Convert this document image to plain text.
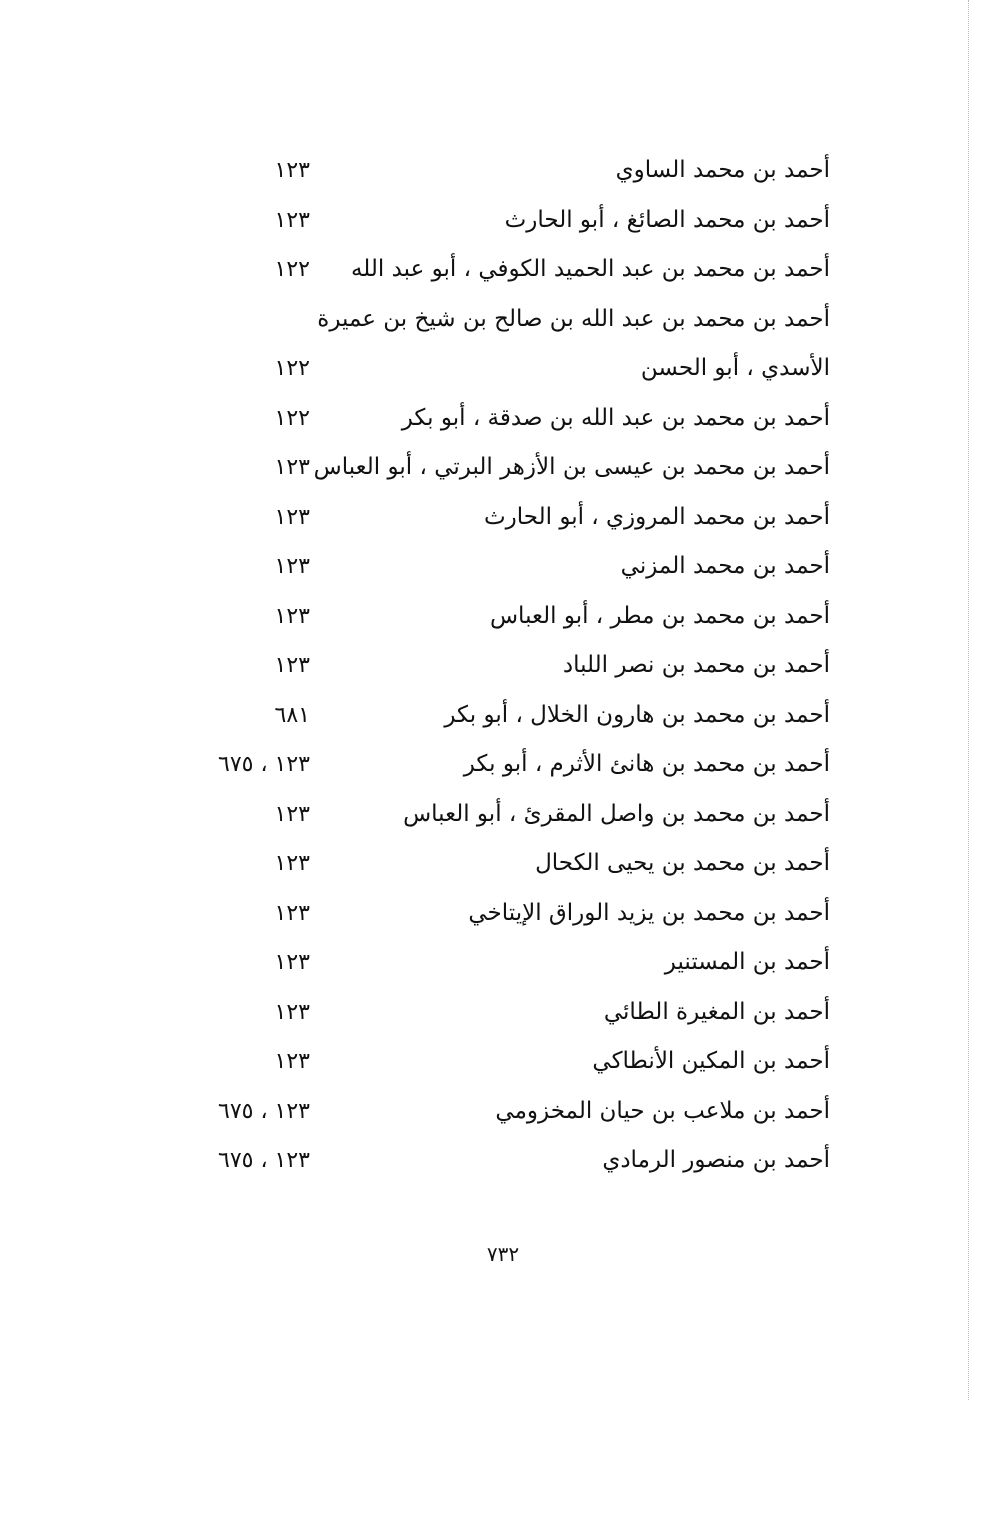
أحمد بن محمد الساوي
١٢٣
أحمد بن محمد الصائغ ، أبو الحارث
١٢٣
أحمد بن محمد بن عبد الحميد الكوفي ، أبو عبد الله
١٢٢
أحمد بن محمد بن عبد الله بن صالح بن شيخ بن عميرة
الأسدي ، أبو الحسن
١٢٢
أحمد بن محمد بن عبد الله بن صدقة ، أبو بكر
١٢٢
أحمد بن محمد بن عيسى بن الأزهر البرتي ، أبو العباس
١٢٣
أحمد بن محمد المروزي ، أبو الحارث
١٢٣
أحمد بن محمد المزني
١٢٣
أحمد بن محمد بن مطر ، أبو العباس
١٢٣
أحمد بن محمد بن نصر اللباد
١٢٣
أحمد بن محمد بن هارون الخلال ، أبو بكر
٦٨١
أحمد بن محمد بن هانئ الأثرم ، أبو بكر
١٢٣ ، ٦٧٥
أحمد بن محمد بن واصل المقرئ ، أبو العباس
١٢٣
أحمد بن محمد بن يحيى الكحال
١٢٣
أحمد بن محمد بن يزيد الوراق الإيتاخي
١٢٣
أحمد بن المستنير
١٢٣
أحمد بن المغيرة الطائي
١٢٣
أحمد بن المكين الأنطاكي
١٢٣
أحمد بن ملاعب بن حيان المخزومي
١٢٣ ، ٦٧٥
أحمد بن منصور الرمادي
١٢٣ ، ٦٧٥
٧٣٢
